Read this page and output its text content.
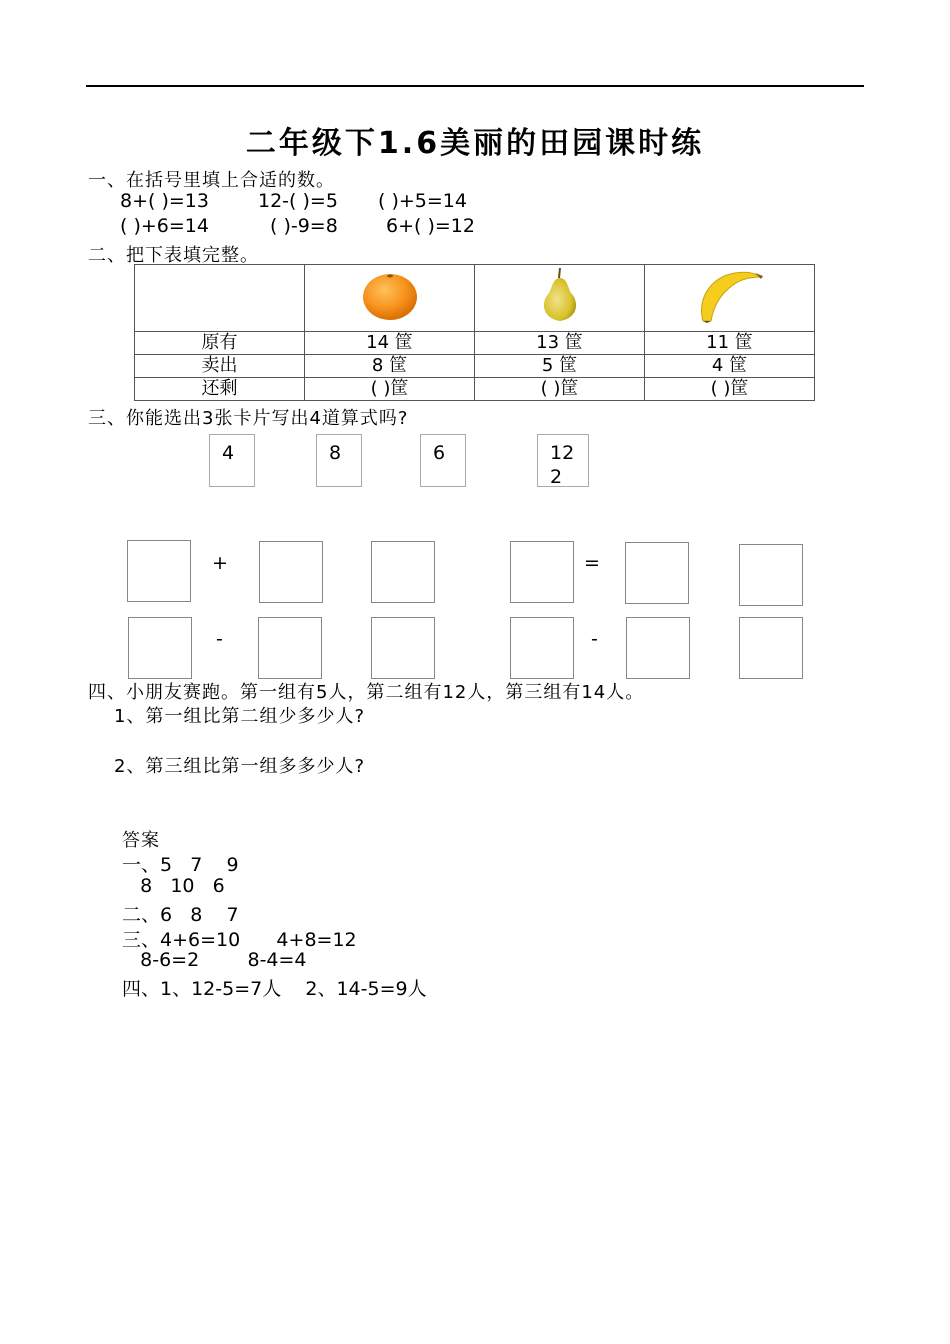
二年级下1.6美丽的田园课时练
一、在括号里填上合适的数。
8+( )=13	12-( )=5 ( )+5=14
( )+6=14	( )-9=8	6+( )=12
二、把下表填完整。

原有	14 筐	13 筐	11 筐
卖出	8 筐	5 筐	4 筐
还剩	( )筐	( )筐	( )筐
三、你能选出3张卡片写出4道算式吗?
4	8	6	12
2
+	=
-	-
四、小朋友赛跑。第一组有5人，第二组有12人，第三组有14人。
1、第一组比第二组少多少人?
2、第三组比第一组多多少人?
答案
一、5   7    9
8   10   6
二、6   8    7
三、4+6=10      4+8=12
8-6=2        8-4=4
四、1、12-5=7人    2、14-5=9人
